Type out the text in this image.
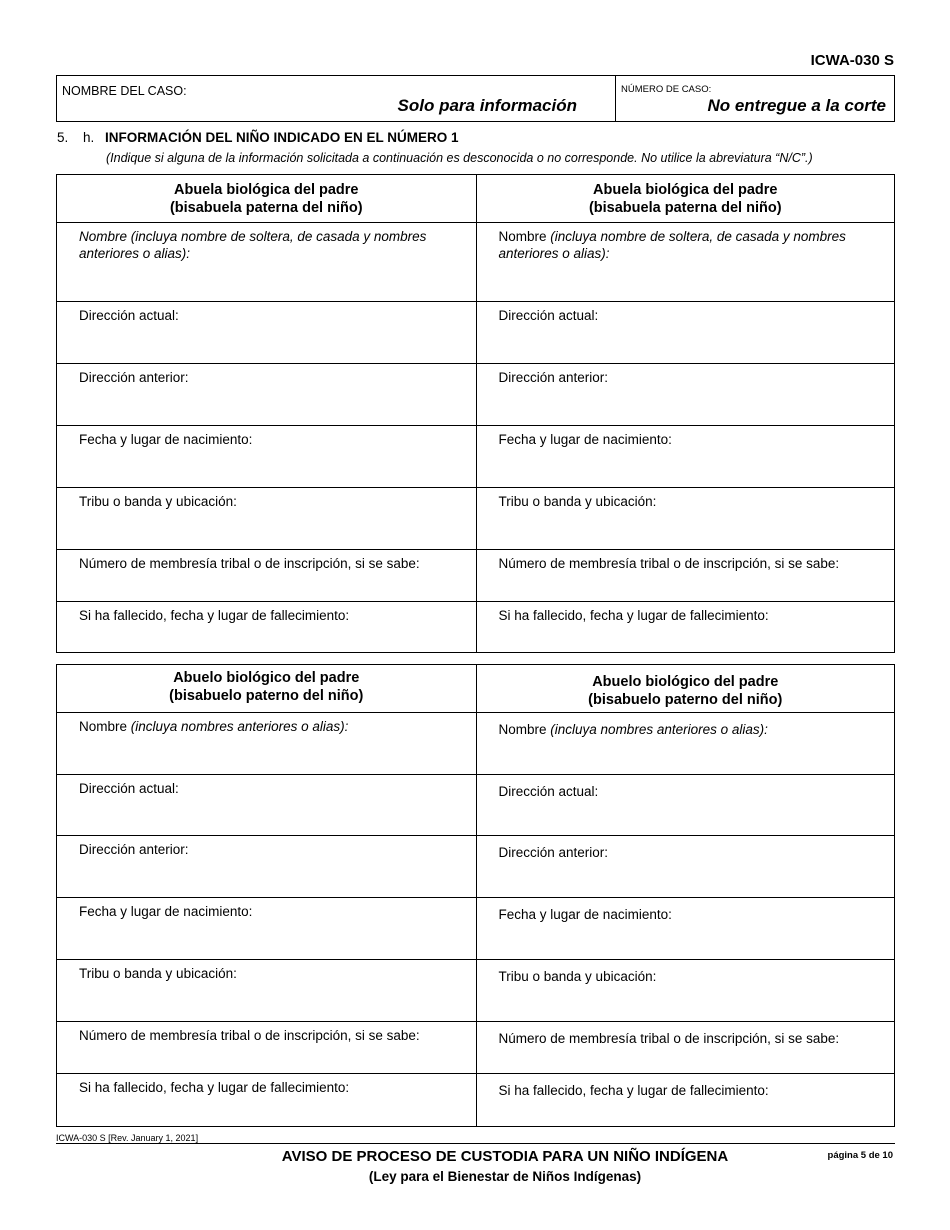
ICWA-030 S
NOMBRE DEL CASO:
Solo para información
NÚMERO DE CASO:
No entregue a la corte
5. h. INFORMACIÓN DEL NIÑO INDICADO EN EL NÚMERO 1
(Indique si alguna de la información solicitada a continuación es desconocida o no corresponde. No utilice la abreviatura “N/C”.)
Abuela biológica del padre
(bisabuela paterna del niño)
Nombre (incluya nombre de soltera, de casada y nombres anteriores o alias):
Dirección actual:
Dirección anterior:
Fecha y lugar de nacimiento:
Tribu o banda y ubicación:
Número de membresía tribal o de inscripción, si se sabe:
Si ha fallecido, fecha y lugar de fallecimiento:
Abuela biológica del padre
(bisabuela paterna del niño)
Nombre (incluya nombre de soltera, de casada y nombres anteriores o alias):
Dirección actual:
Dirección anterior:
Fecha y lugar de nacimiento:
Tribu o banda y ubicación:
Número de membresía tribal o de inscripción, si se sabe:
Si ha fallecido, fecha y lugar de fallecimiento:
Abuelo biológico del padre
(bisabuelo paterno del niño)
Nombre (incluya nombres anteriores o alias):
Dirección actual:
Dirección anterior:
Fecha y lugar de nacimiento:
Tribu o banda y ubicación:
Número de membresía tribal o de inscripción, si se sabe:
Si ha fallecido, fecha y lugar de fallecimiento:
Abuelo biológico del padre
(bisabuelo paterno del niño)
Nombre (incluya nombres anteriores o alias):
Dirección actual:
Dirección anterior:
Fecha y lugar de nacimiento:
Tribu o banda y ubicación:
Número de membresía tribal o de inscripción, si se sabe:
Si ha fallecido, fecha y lugar de fallecimiento:
ICWA-030 S [Rev. January 1, 2021]
AVISO DE PROCESO DE CUSTODIA PARA UN NIÑO INDÍGENA
(Ley para el Bienestar de Niños Indígenas)
página 5 de 10
